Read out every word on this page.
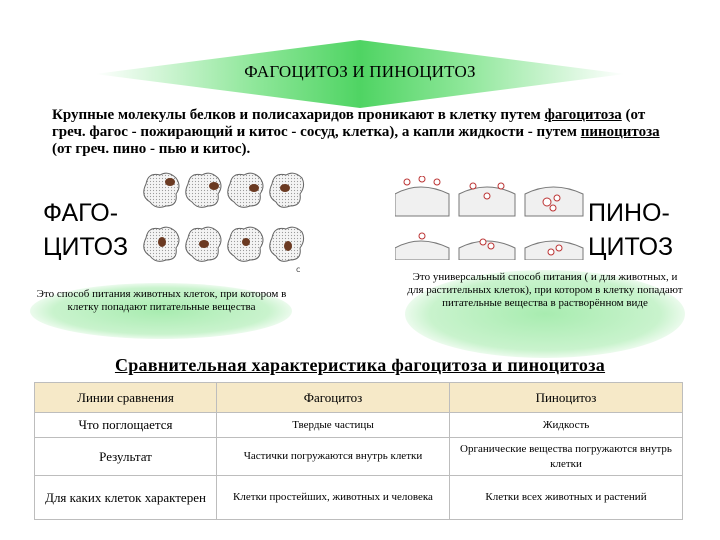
ФАГОЦИТОЗ И ПИНОЦИТОЗ
Крупные молекулы белков и полисахаридов проникают в клетку путем фагоцитоза (от греч. фагос - пожирающий и китос - сосуд, клетка), а капли жидкости - путем пиноцитоза (от греч. пино - пью и китос).
ФАГО-
ЦИТОЗ
ПИНО-
ЦИТОЗ
с
Это способ питания животных клеток, при котором в клетку попадают питательные вещества
Это универсальный способ питания ( и для животных, и для растительных клеток), при котором в клетку попадают питательные вещества в растворённом виде
Сравнительная характеристика фагоцитоза и пиноцитоза
Линии сравнения	Фагоцитоз	Пиноцитоз
Что поглощается	Твердые частицы	Жидкость
Результат	Частички погружаются внутрь клетки	Органические вещества погружаются внутрь клетки
Для каких клеток характерен	Клетки простейших, животных и человека	Клетки всех животных и растений
